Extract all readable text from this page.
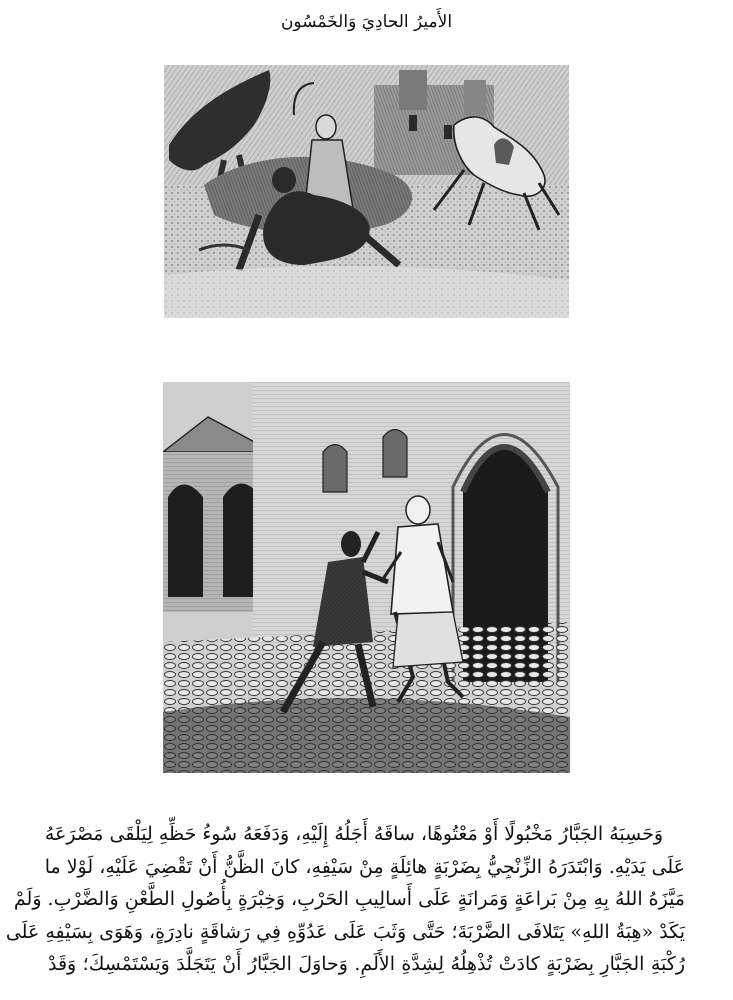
الأَميرُ الحادِيَ وَالخَمْسُون
وَحَسِبَهُ الجَبَّارُ مَخْبُولًا أَوْ مَعْتُوهًا، ساقَهُ أَجَلُهُ إِلَيْهِ، وَدَفَعَهُ سُوءُ حَظِّهِ لِيَلْقَى مَصْرَعَهُ
عَلَى يَدَيْهِ. وَابْتَدَرَهُ الزِّنْجِيُّ بِضَرْبَةٍ هائِلَةٍ مِنْ سَيْفِهِ، كانَ الظَّنُّ أَنْ تَقْضِيَ عَلَيْهِ، لَوْلا ما
مَيَّزَهُ اللهُ بِهِ مِنْ بَراعَةٍ وَمَرانَةٍ عَلَى أَسالِيبِ الحَرْبِ، وَخِبْرَةٍ بِأُصُولِ الطَّعْنِ وَالضَّرْبِ. وَلَمْ
يَكَدْ «هِبَةُ اللهِ» يَتَلافَى الضَّرْبَةَ؛ حَتَّى وَثَبَ عَلَى عَدُوِّهِ فِي رَشاقَةٍ نادِرَةٍ، وَهَوَى بِسَيْفِهِ عَلَى
رُكْبَةِ الجَبَّارِ بِضَرْبَةٍ كادَتْ تُذْهِلُهُ لِشِدَّةِ الأَلَمِ. وَحاوَلَ الجَبَّارُ أَنْ يَتَجَلَّدَ وَيَسْتَمْسِكَ؛ وَقَدْ
